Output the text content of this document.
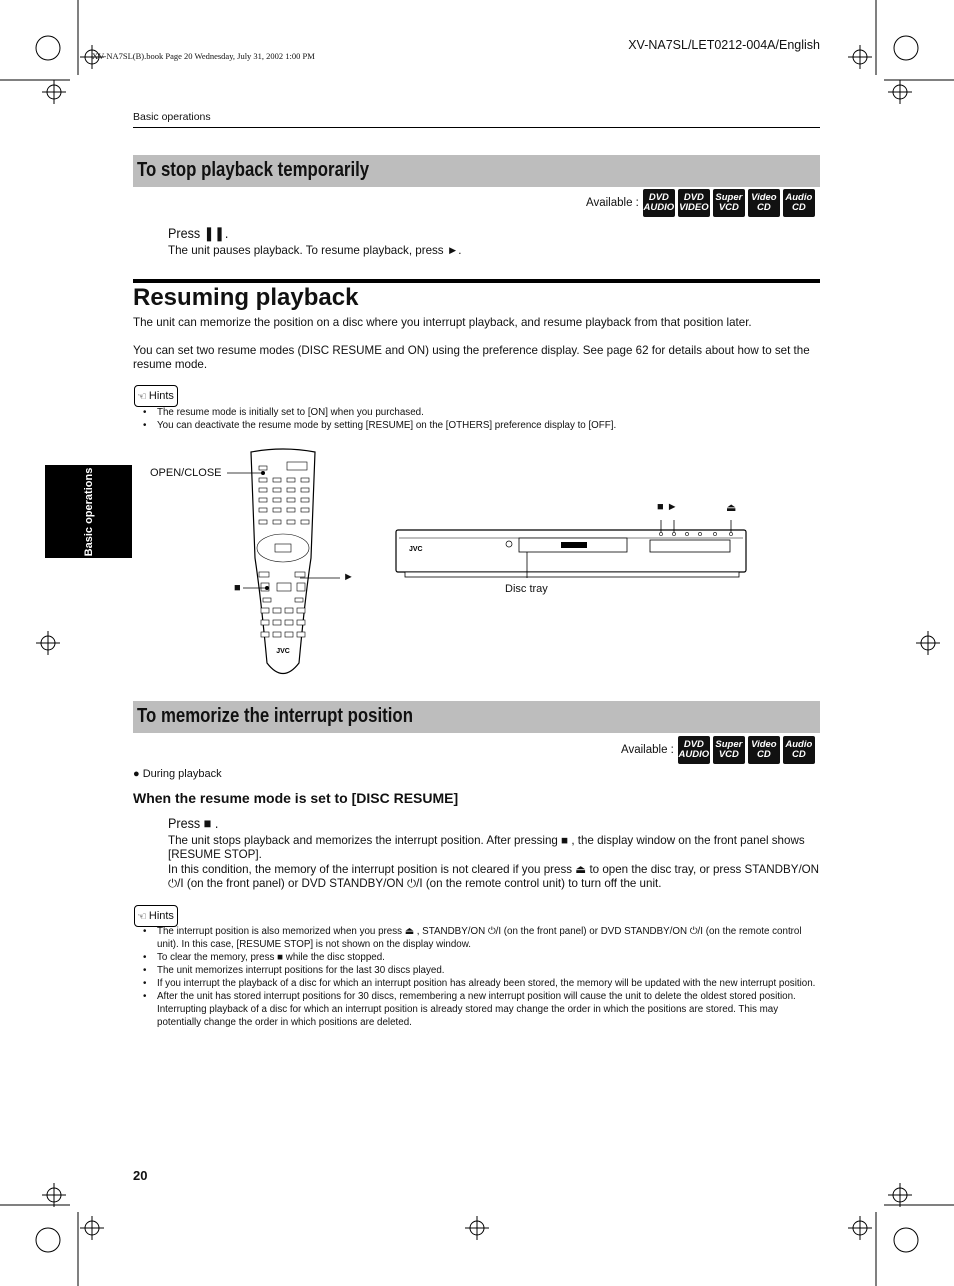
XV-NA7SL/LET0212-004A/English
XV-NA7SL(B).book Page 20 Wednesday, July 31, 2002 1:00 PM
Basic operations
Basic operations
To stop playback temporarily
Available :	DVD
AUDIO
DVD
VIDEO
Super
VCD
Video
CD
Audio
CD
Press ❚❚.
The unit pauses playback. To resume playback, press ►.
Resuming playback
The unit can memorize the position on a disc where you interrupt playback, and resume playback from that position later.
You can set two resume modes (DISC RESUME and ON) using the preference display. See page 62 for details about how to set the resume mode.
☜ Hints
• The resume mode is initially set to [ON] when you purchased.
• You can deactivate the resume mode by setting [RESUME] on the [OTHERS] preference display to [OFF].
JVC
OPEN/CLOSE
■
►
JVC
■ ►	⏏
Disc tray
To memorize the interrupt position
Available :	DVD
AUDIO
Super
VCD
Video
CD
Audio
CD
● During playback
When the resume mode is set to [DISC RESUME]
Press ■ .
The unit stops playback and memorizes the interrupt position. After pressing ■ , the display window on the front panel shows [RESUME STOP].
In this condition, the memory of the interrupt position is not cleared if you press ⏏ to open the disc tray, or press STANDBY/ON ⏻/I (on the front panel) or DVD STANDBY/ON ⏻/I (on the remote control unit) to turn off the unit.
☜ Hints
• The interrupt position is also memorized when you press ⏏ , STANDBY/ON ⏻/I (on the front panel) or DVD STANDBY/ON ⏻/I (on the remote control unit). In this case, [RESUME STOP] is not shown on the display window.
• To clear the memory, press ■ while the disc stopped.
• The unit memorizes interrupt positions for the last 30 discs played.
• If you interrupt the playback of a disc for which an interrupt position has already been stored, the memory will be updated with the new interrupt position.
• After the unit has stored interrupt positions for 30 discs, remembering a new interrupt position will cause the unit to delete the oldest stored position. Interrupting playback of a disc for which an interrupt position is already stored may change the order in which the positions are stored. This may potentially change the order in which positions are deleted.
20
